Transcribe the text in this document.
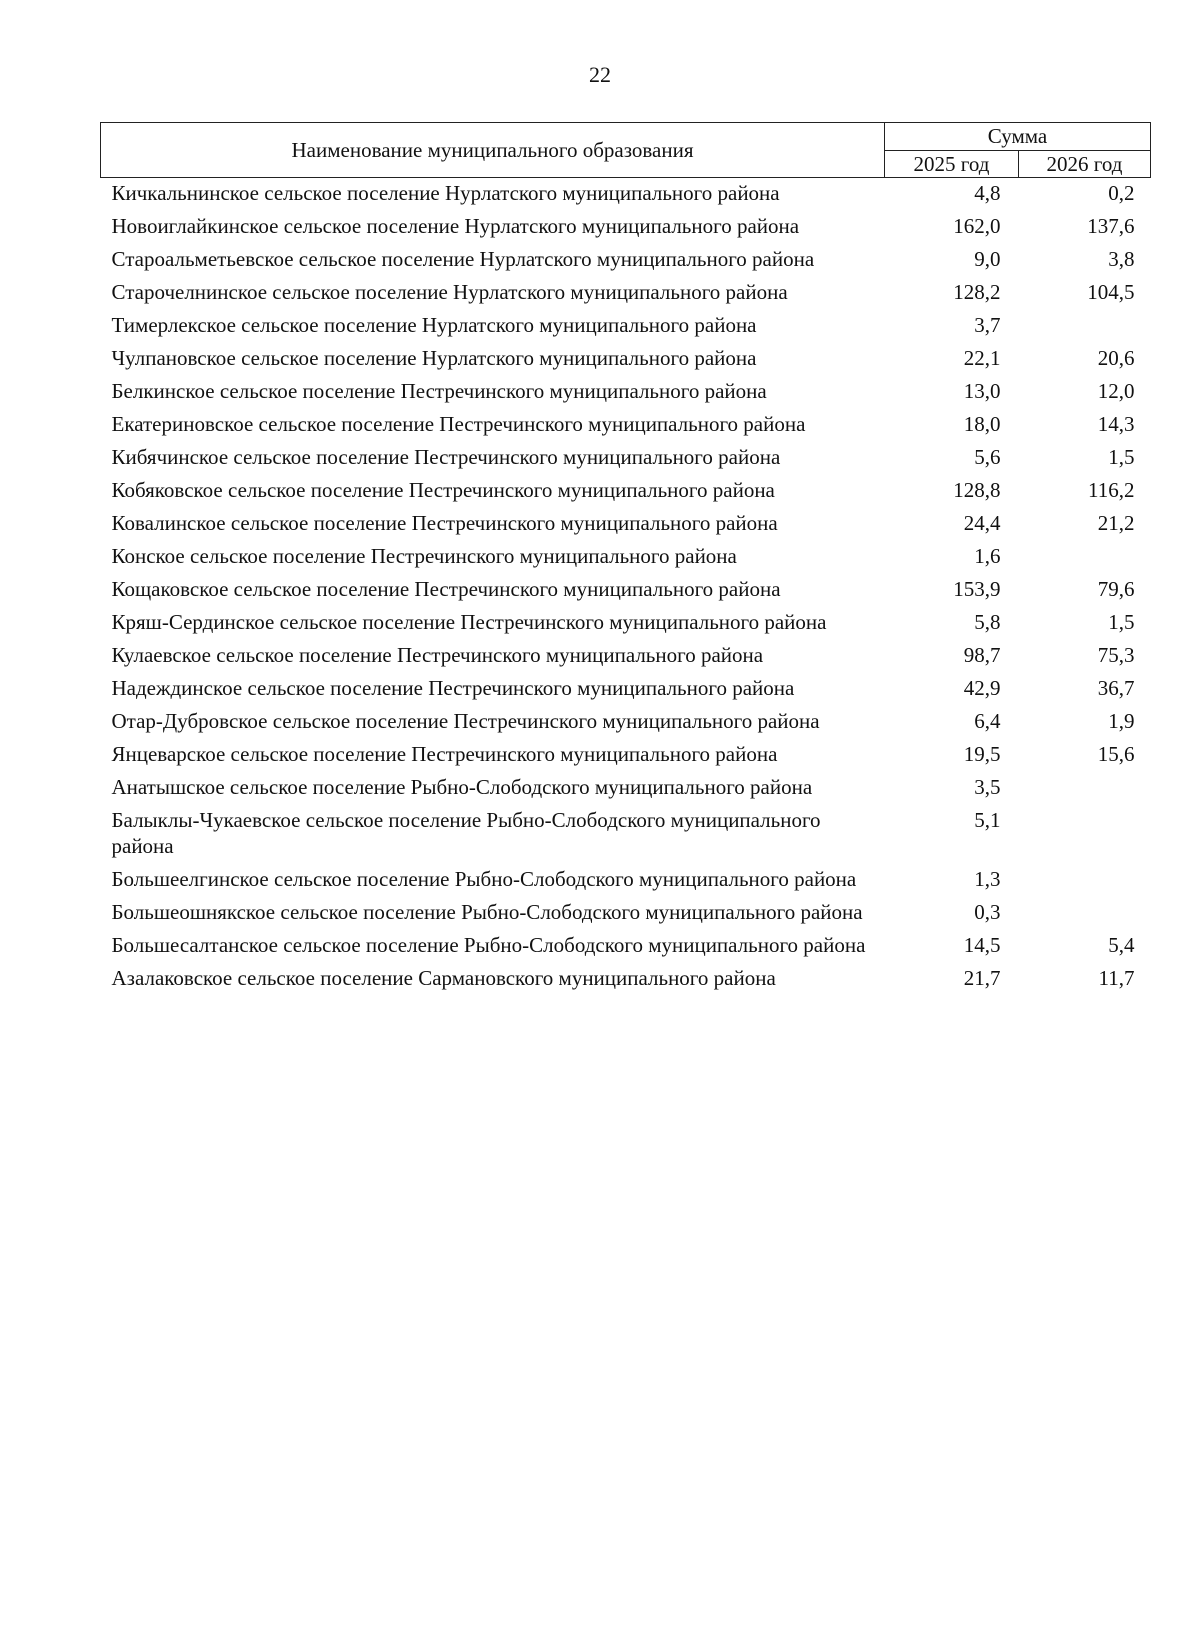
22
Наименование муниципального образования	Сумма	
	2025 год	2026 год
Кичкальнинское сельское поселение Нурлатского муниципального района	4,8	0,2
Новоиглайкинское сельское поселение Нурлатского муниципального района	162,0	137,6
Староальметьевское сельское поселение Нурлатского муниципального района	9,0	3,8
Старочелнинское сельское поселение Нурлатского муниципального района	128,2	104,5
Тимерлекское сельское поселение Нурлатского муниципального района	3,7	
Чулпановское сельское поселение Нурлатского муниципального района	22,1	20,6
Белкинское сельское поселение Пестречинского муниципального района	13,0	12,0
Екатериновское сельское поселение Пестречинского муниципального района	18,0	14,3
Кибячинское сельское поселение Пестречинского муниципального района	5,6	1,5
Кобяковское сельское поселение Пестречинского муниципального района	128,8	116,2
Ковалинское сельское поселение Пестречинского муниципального района	24,4	21,2
Конское сельское поселение Пестречинского муниципального района	1,6	
Кощаковское сельское поселение Пестречинского муниципального района	153,9	79,6
Кряш-Сердинское сельское поселение Пестречинского муниципального района	5,8	1,5
Кулаевское сельское поселение Пестречинского муниципального района	98,7	75,3
Надеждинское сельское поселение Пестречинского муниципального района	42,9	36,7
Отар-Дубровское сельское поселение Пестречинского муниципального района	6,4	1,9
Янцеварское сельское поселение Пестречинского муниципального района	19,5	15,6
Анатышское сельское поселение Рыбно-Слободского муниципального района	3,5	
Балыклы-Чукаевское сельское поселение Рыбно-Слободского муниципального района	5,1	
Большеелгинское сельское поселение Рыбно-Слободского муниципального района	1,3	
Большеошнякское сельское поселение Рыбно-Слободского муниципального района	0,3	
Большесалтанское сельское поселение Рыбно-Слободского муниципального района	14,5	5,4
Азалаковское сельское поселение Сармановского муниципального района	21,7	11,7
